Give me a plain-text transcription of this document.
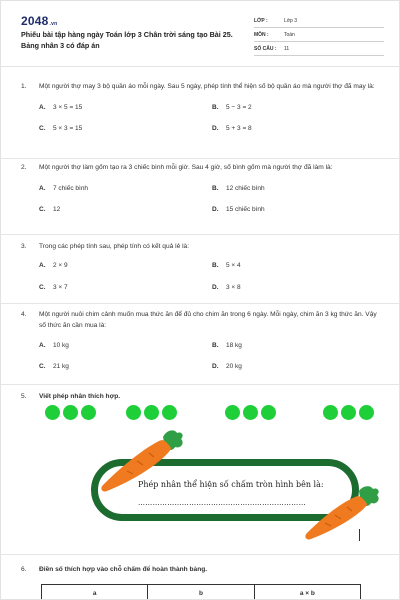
2048.vn
Phiếu bài tập hàng ngày Toán lớp 3 Chân trời sáng tạo Bài 25. Bảng nhân 3 có đáp án
LỚP :	Lớp 3
MÔN :	Toán
SỐ CÂU :	11
1. Một người thợ may 3 bộ quần áo mỗi ngày. Sau 5 ngày, phép tính thể hiện số bộ quần áo mà người thợ đã may là:
A. 3 × 5 = 15	B. 5 − 3 = 2
C. 5 × 3 = 15	D. 5 + 3 = 8
2. Một người thợ làm gốm tạo ra 3 chiếc bình mỗi giờ. Sau 4 giờ, số bình gốm mà người thợ đã làm là:
A. 7 chiếc bình	B. 12 chiếc bình
C. 12	D. 15 chiếc bình
3. Trong các phép tính sau, phép tính có kết quả lẻ là:
A. 2 × 9	B. 5 × 4
C. 3 × 7	D. 3 × 8
4. Một người nuôi chim cảnh muốn mua thức ăn để đủ cho chim ăn trong 6 ngày. Mỗi ngày, chim ăn 3 kg thức ăn. Vậy số thức ăn cần mua là:
A. 10 kg	B. 18 kg
C. 21 kg	D. 20 kg
5. Viết phép nhân thích hợp.
Phép nhân thể hiện số chấm tròn hình bên là:
……………………………………………………………
6. Điền số thích hợp vào chỗ chấm để hoàn thành bảng.
a	b	a × b
